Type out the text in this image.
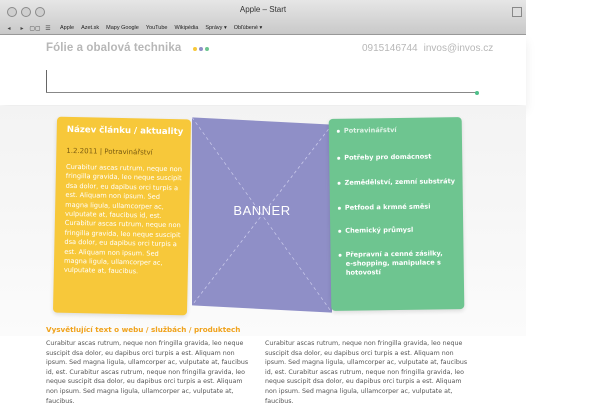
Apple – Start
◂	▸ ▢▢ ☰	Apple Azet.sk Mapy Google YouTube Wikipédia Správy ▾ Obľúbené ▾
Fólie a obalová technika	0915146744 invos@invos.cz
Název článku / aktuality
1.2.2011 | Potravinářství
Curabitur ascas rutrum, neque non fringilla gravida, leo neque suscipit dsa dolor, eu dapibus orci turpis a est. Aliquam non ipsum. Sed magna ligula, ullamcorper ac, vulputate at, faucibus id, est. Curabitur ascas rutrum, neque non fringilla gravida, leo neque suscipit dsa dolor, eu dapibus orci turpis a est. Aliquam non ipsum. Sed magna ligula, ullamcorper ac, vulputate at, faucibus.
BANNER
Potravinářství
Potřeby pro domácnost
Zemědělství, zemní substráty
Petfood a krmné směsi
Chemický průmysl
Přepravní a cenné zásilky, e-shopping, manipulace s hotovostí
Vysvětlující text o webu / službách / produktech
Curabitur ascas rutrum, neque non fringilla gravida, leo neque suscipit dsa dolor, eu dapibus orci turpis a est. Aliquam non ipsum. Sed magna ligula, ullamcorper ac, vulputate at, faucibus id, est. Curabitur ascas rutrum, neque non fringilla gravida, leo neque suscipit dsa dolor, eu dapibus orci turpis a est. Aliquam non ipsum. Sed magna ligula, ullamcorper ac, vulputate at, faucibus.
Curabitur ascas rutrum, neque non fringilla gravida, leo neque suscipit dsa dolor, eu dapibus orci turpis a est. Aliquam non ipsum. Sed magna ligula, ullamcorper ac, vulputate at, faucibus id, est. Curabitur ascas rutrum, neque non fringilla gravida, leo neque suscipit dsa dolor, eu dapibus orci turpis a est. Aliquam non ipsum. Sed magna ligula, ullamcorper ac, vulputate at, faucibus.
